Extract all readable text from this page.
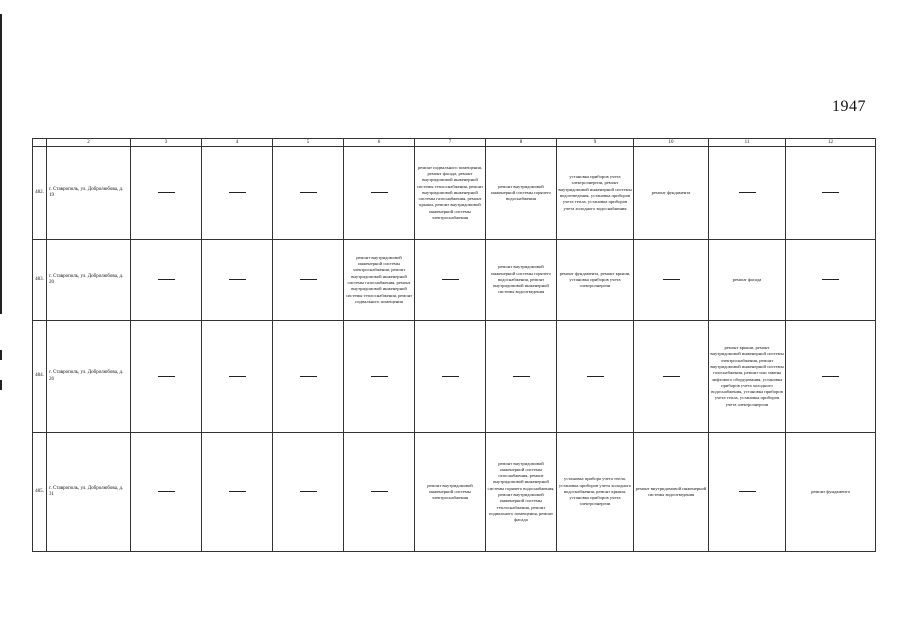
1947
	2	3	4	5	6	7	8	9	10	11	12
482.	г. Ставрополь, ул. Добролюбова, д. 19					ремонт подвального помещения, ремонт фасада, ремонт внутридомовой инженерной системы теплоснабжения, ремонт внутридомовой инженерной системы газоснабжения, ремонт крыши, ремонт внутридомовой инженерной системы электроснабжения	ремонт внутридомовой инженерной системы горячего водоснабжения	установка приборов учета электроэнергии, ремонт внутридомовой инженерной системы водоотведения, установка приборов учета тепла, установка приборов учета холодного водоснабжения	ремонт фундамента		
483.	г. Ставрополь, ул. Добролюбова, д. 20				ремонт внутридомовой инженерной системы электроснабжения, ремонт внутридомовой инженерной системы газоснабжения, ремонт внутридомовой инженерной системы теплоснабжения, ремонт подвального помещения		ремонт внутридомовой инженерной системы горячего водоснабжения, ремонт внутридомовой инженерной системы водоотведения	ремонт фундамента, ремонт крыши, установка приборов учета электроэнергии		ремонт фасада	
484.	г. Ставрополь, ул. Добролюбова, д. 26									ремонт крыши, ремонт внутридомовой инженерной системы электроснабжения, ремонт внутридомовой инженерной системы газоснабжения, ремонт или замена лифтового оборудования, установка приборов учета холодного водоснабжения, установка приборов учета тепла, установка приборов учета электроэнергии	
485.	г. Ставрополь, ул. Добролюбова, д. 31					ремонт внутридомовой инженерной системы электроснабжения	ремонт внутридомовой инженерной системы газоснабжения, ремонт внутридомовой инженерной системы горячего водоснабжения, ремонт внутридомовой инженерной системы теплоснабжения, ремонт подвального помещения, ремонт фасада	установка прибора учета тепла, установка приборов учета холодного водоснабжения, ремонт крыши, установка приборов учета электроэнергии	ремонт внутридомовой инженерной системы водоотведения		ремонт фундамента
